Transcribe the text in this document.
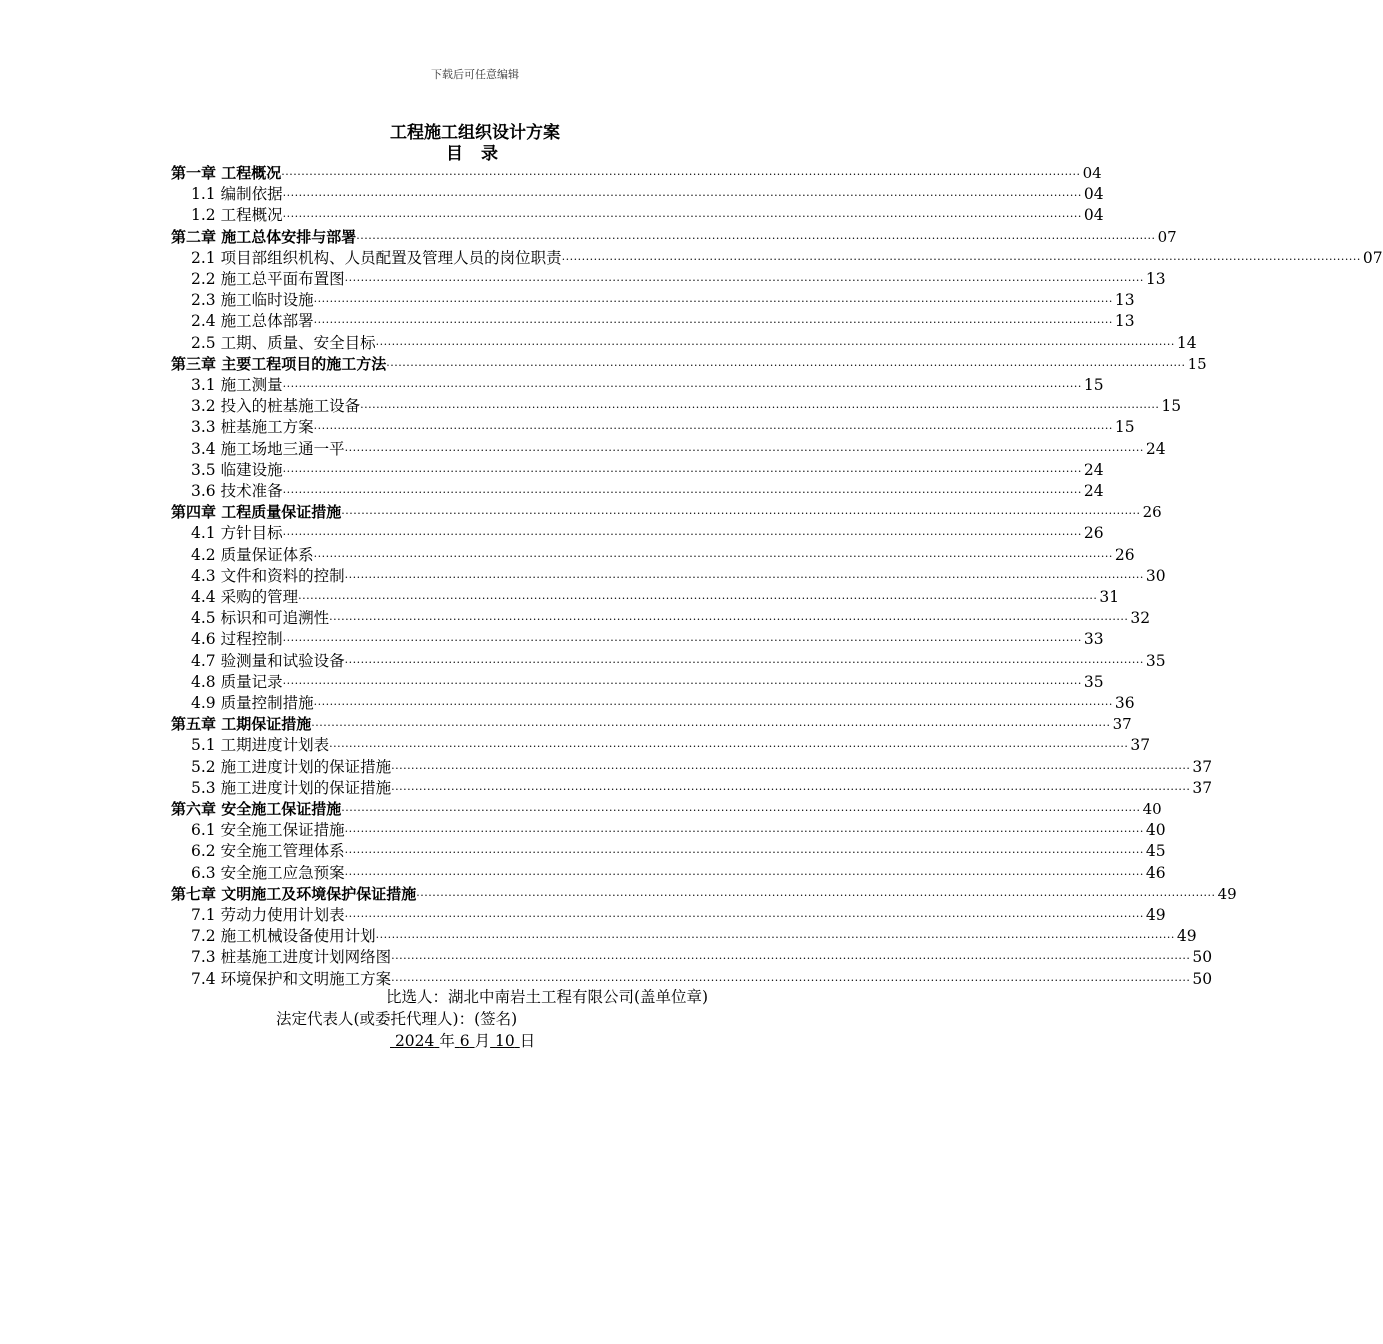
下载后可任意编辑
工程施工组织设计方案
目 录
第一章 工程概况 ········································································································································································································ 04
1.1 编制依据 ········································································································································································································ 04
1.2 工程概况 ········································································································································································································ 04
第二章 施工总体安排与部署 ········································································································································································································ 07
2.1 项目部组织机构、人员配置及管理人员的岗位职责 ········································································································································································································ 07
2.2 施工总平面布置图 ········································································································································································································ 13
2.3 施工临时设施 ········································································································································································································ 13
2.4 施工总体部署 ········································································································································································································ 13
2.5 工期、质量、安全目标 ········································································································································································································ 14
第三章 主要工程项目的施工方法 ········································································································································································································ 15
3.1 施工测量 ········································································································································································································ 15
3.2 投入的桩基施工设备 ········································································································································································································ 15
3.3 桩基施工方案 ········································································································································································································ 15
3.4 施工场地三通一平 ········································································································································································································ 24
3.5 临建设施 ········································································································································································································ 24
3.6 技术准备 ········································································································································································································ 24
第四章 工程质量保证措施 ········································································································································································································ 26
4.1 方针目标 ········································································································································································································ 26
4.2 质量保证体系 ········································································································································································································ 26
4.3 文件和资料的控制 ········································································································································································································ 30
4.4 采购的管理 ········································································································································································································ 31
4.5 标识和可追溯性 ········································································································································································································ 32
4.6 过程控制 ········································································································································································································ 33
4.7 验测量和试验设备 ········································································································································································································ 35
4.8 质量记录 ········································································································································································································ 35
4.9 质量控制措施 ········································································································································································································ 36
第五章 工期保证措施 ········································································································································································································ 37
5.1 工期进度计划表 ········································································································································································································ 37
5.2 施工进度计划的保证措施 ········································································································································································································ 37
5.3 施工进度计划的保证措施 ········································································································································································································ 37
第六章 安全施工保证措施 ········································································································································································································ 40
6.1 安全施工保证措施 ········································································································································································································ 40
6.2 安全施工管理体系 ········································································································································································································ 45
6.3 安全施工应急预案 ········································································································································································································ 46
第七章 文明施工及环境保护保证措施 ········································································································································································································ 49
7.1 劳动力使用计划表 ········································································································································································································ 49
7.2 施工机械设备使用计划 ········································································································································································································ 49
7.3 桩基施工进度计划网络图 ········································································································································································································ 50
7.4 环境保护和文明施工方案 ········································································································································································································ 50
比选人：湖北中南岩土工程有限公司(盖单位章)
法定代表人(或委托代理人)：(签名)
2024 年 6 月 10 日
